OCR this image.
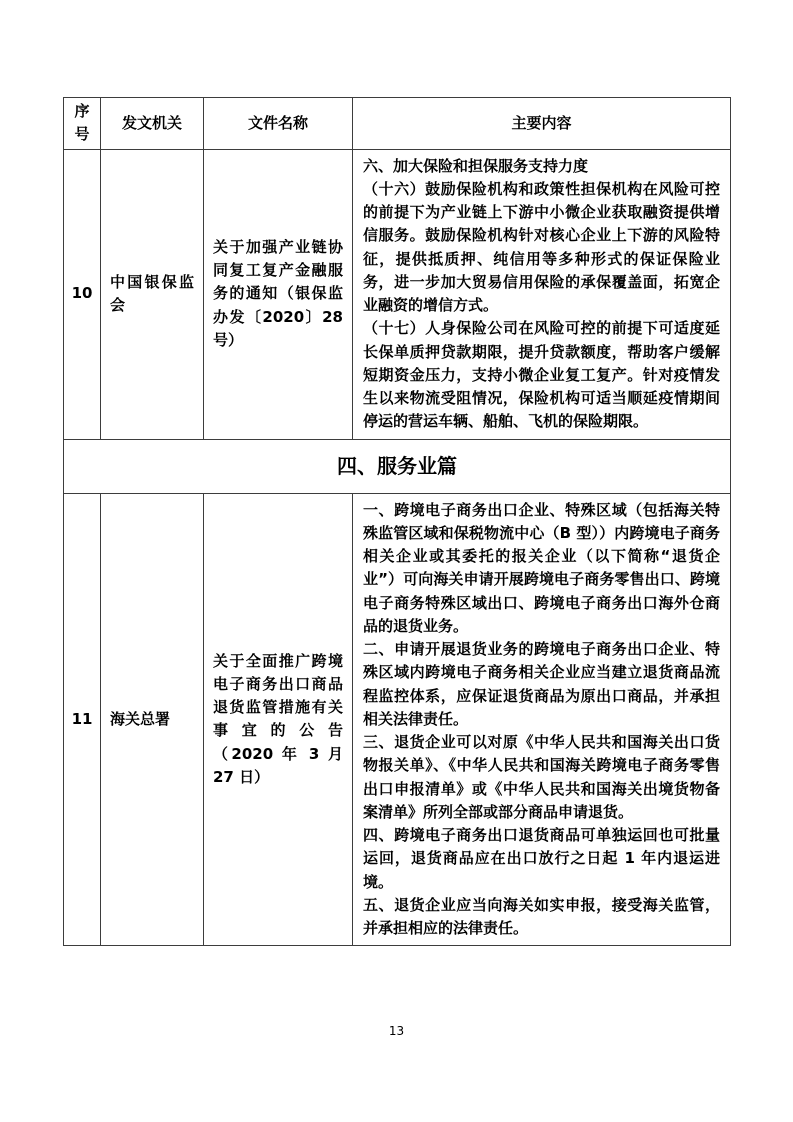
序号	发文机关	文件名称	主要内容
10	中国银保监会	关于加强产业链协同复工复产金融服务的通知（银保监办发〔2020〕28 号）	六、加大保险和担保服务支持力度

（十六）鼓励保险机构和政策性担保机构在风险可控的前提下为产业链上下游中小微企业获取融资提供增信服务。鼓励保险机构针对核心企业上下游的风险特征，提供抵质押、纯信用等多种形式的保证保险业务，进一步加大贸易信用保险的承保覆盖面，拓宽企业融资的增信方式。

（十七）人身保险公司在风险可控的前提下可适度延长保单质押贷款期限，提升贷款额度，帮助客户缓解短期资金压力，支持小微企业复工复产。针对疫情发生以来物流受阻情况，保险机构可适当顺延疫情期间停运的营运车辆、船舶、飞机的保险期限。

四、服务业篇			
11	海关总署	关于全面推广跨境电子商务出口商品退货监管措施有关事宜的公告（2020 年 3 月 27 日）	一、跨境电子商务出口企业、特殊区域（包括海关特殊监管区域和保税物流中心（B 型））内跨境电子商务相关企业或其委托的报关企业（以下简称“退货企业”）可向海关申请开展跨境电子商务零售出口、跨境电子商务特殊区域出口、跨境电子商务出口海外仓商品的退货业务。

二、申请开展退货业务的跨境电子商务出口企业、特殊区域内跨境电子商务相关企业应当建立退货商品流程监控体系，应保证退货商品为原出口商品，并承担相关法律责任。

三、退货企业可以对原《中华人民共和国海关出口货物报关单》、《中华人民共和国海关跨境电子商务零售出口申报清单》或《中华人民共和国海关出境货物备案清单》所列全部或部分商品申请退货。

四、跨境电子商务出口退货商品可单独运回也可批量运回，退货商品应在出口放行之日起 1 年内退运进境。

五、退货企业应当向海关如实申报，接受海关监管，并承担相应的法律责任。

13
